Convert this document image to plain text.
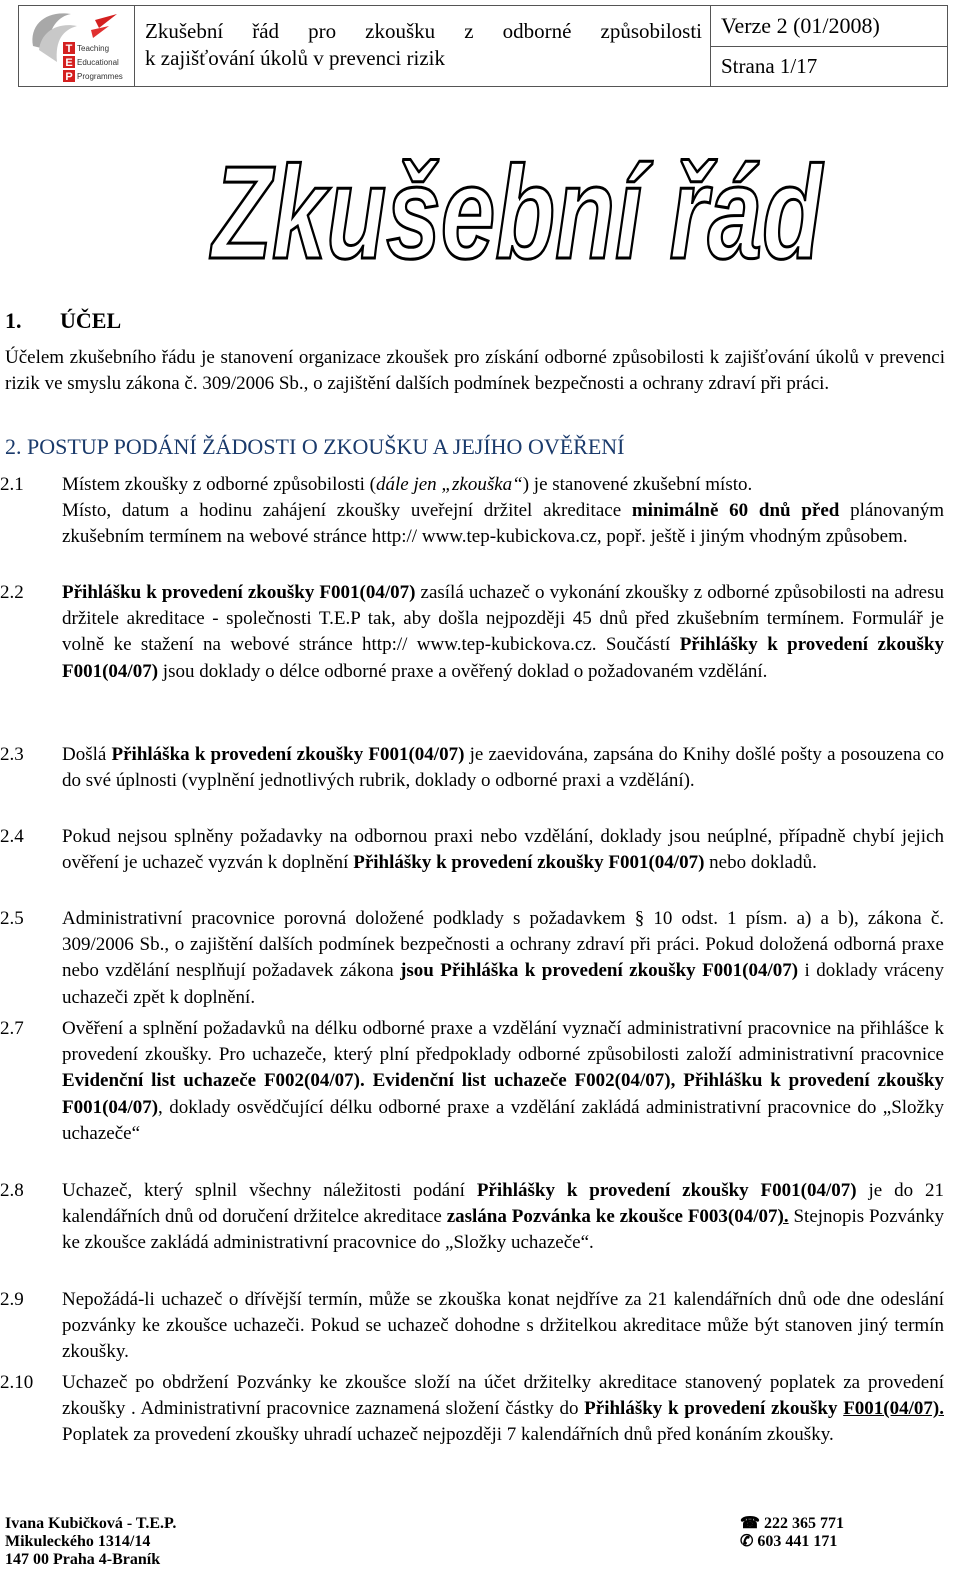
T
E
P
Teaching
Educational
Programmes
Zkušební řád pro zkoušku z odborné způsobilosti
k zajišťování úkolů v prevenci rizik
Verze 2 (01/2008)
Strana 1/17
Zkušební řád
1. ÚČEL
Účelem zkušebního řádu je stanovení organizace zkoušek pro získání odborné způsobilosti k zajišťování úkolů v prevenci rizik ve smyslu zákona č. 309/2006 Sb., o zajištění dalších podmínek bezpečnosti a ochrany zdraví při práci.
2. POSTUP PODÁNÍ ŽÁDOSTI O ZKOUŠKU A JEJÍHO OVĚŘENÍ
2.1 Místem zkoušky z odborné způsobilosti (dále jen „zkouška“) je stanovené zkušební místo.
Místo, datum a hodinu zahájení zkoušky uveřejní držitel akreditace minimálně 60 dnů před plánovaným zkušebním termínem na webové stránce http:// www.tep-kubickova.cz, popř. ještě i jiným vhodným způsobem.
2.2 Přihlášku k provedení zkoušky F001(04/07) zasílá uchazeč o vykonání zkoušky z odborné způsobilosti na adresu držitele akreditace - společnosti T.E.P tak, aby došla nejpozději 45 dnů před zkušebním termínem. Formulář je volně ke stažení na webové stránce http:// www.tep-kubickova.cz. Součástí Přihlášky k provedení zkoušky F001(04/07) jsou doklady o délce odborné praxe a ověřený doklad o požadovaném vzdělání.
2.3 Došlá Přihláška k provedení zkoušky F001(04/07) je zaevidována, zapsána do Knihy došlé pošty a posouzena co do své úplnosti (vyplnění jednotlivých rubrik, doklady o odborné praxi a vzdělání).
2.4 Pokud nejsou splněny požadavky na odbornou praxi nebo vzdělání, doklady jsou neúplné, případně chybí jejich ověření je uchazeč vyzván k doplnění Přihlášky k provedení zkoušky F001(04/07) nebo dokladů.
2.5 Administrativní pracovnice porovná doložené podklady s požadavkem § 10 odst. 1 písm. a) a b), zákona č. 309/2006 Sb., o zajištění dalších podmínek bezpečnosti a ochrany zdraví při práci. Pokud doložená odborná praxe nebo vzdělání nesplňují požadavek zákona jsou Přihláška k provedení zkoušky F001(04/07) i doklady vráceny uchazeči zpět k doplnění.
2.7 Ověření a splnění požadavků na délku odborné praxe a vzdělání vyznačí administrativní pracovnice na přihlášce k provedení zkoušky. Pro uchazeče, který plní předpoklady odborné způsobilosti založí administrativní pracovnice Evidenční list uchazeče F002(04/07). Evidenční list uchazeče F002(04/07), Přihlášku k provedení zkoušky F001(04/07), doklady osvědčující délku odborné praxe a vzdělání zakládá administrativní pracovnice do „Složky uchazeče“
2.8 Uchazeč, který splnil všechny náležitosti podání Přihlášky k provedení zkoušky F001(04/07) je do 21 kalendářních dnů od doručení držitelce akreditace zaslána Pozvánka ke zkoušce F003(04/07). Stejnopis Pozvánky ke zkoušce zakládá administrativní pracovnice do „Složky uchazeče“.
2.9 Nepožádá-li uchazeč o dřívější termín, může se zkouška konat nejdříve za 21 kalendářních dnů ode dne odeslání pozvánky ke zkoušce uchazeči. Pokud se uchazeč dohodne s držitelkou akreditace může být stanoven jiný termín zkoušky.
2.10 Uchazeč po obdržení Pozvánky ke zkoušce složí na účet držitelky akreditace stanovený poplatek za provedení zkoušky . Administrativní pracovnice zaznamená složení částky do Přihlášky k provedení zkoušky F001(04/07). Poplatek za provedení zkoušky uhradí uchazeč nejpozději 7 kalendářních dnů před konáním zkoušky.
Ivana Kubičková - T.E.P.
Mikuleckého 1314/14
147 00 Praha 4-Braník
☎ 222 365 771
✆ 603 441 171
